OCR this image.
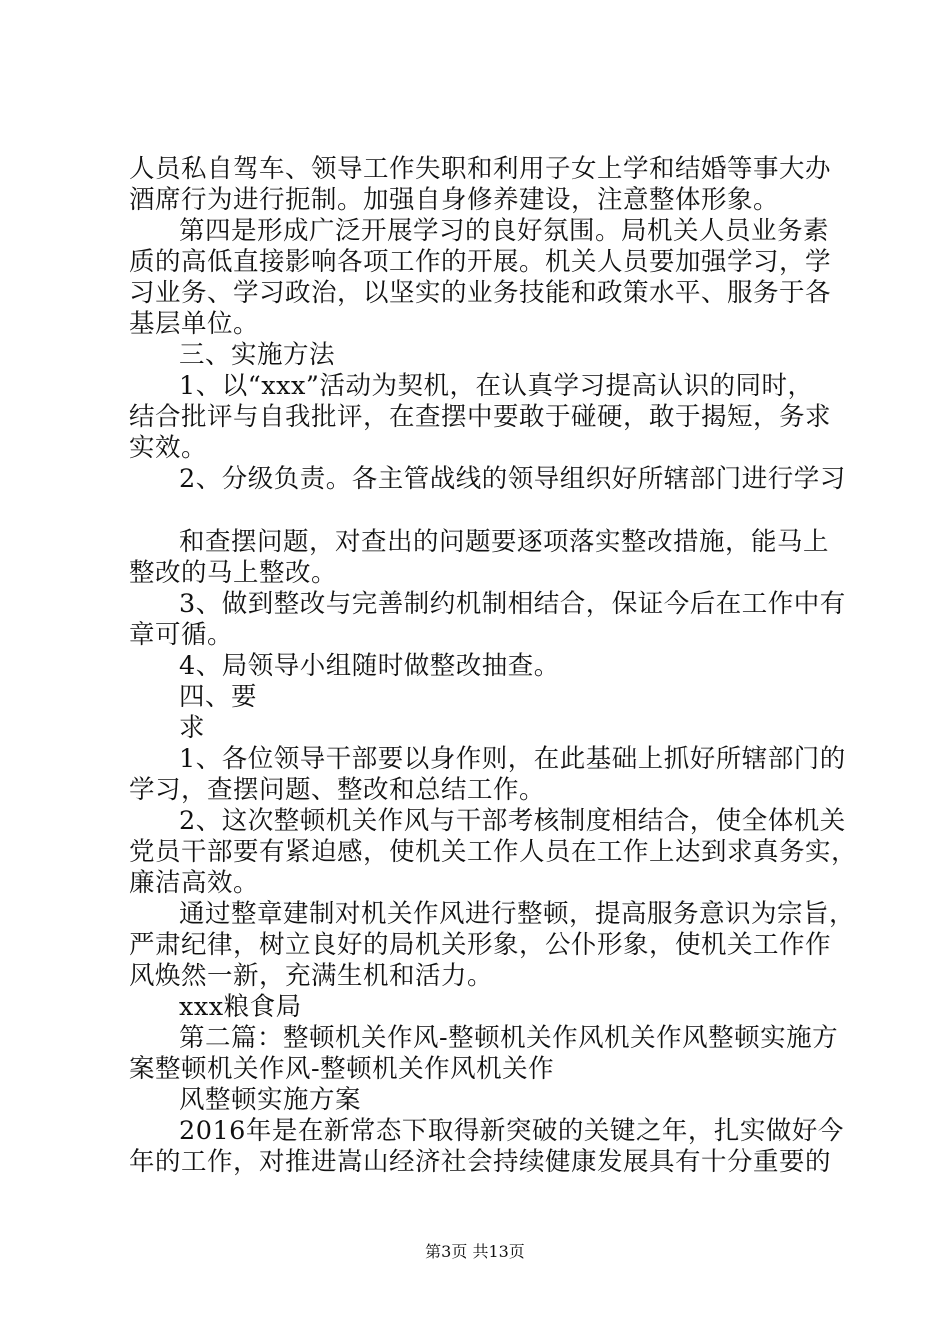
人员私自驾车、领导工作失职和利用子女上学和结婚等事大办
酒席行为进行扼制。加强自身修养建设，注意整体形象。
第四是形成广泛开展学习的良好氛围。局机关人员业务素
质的高低直接影响各项工作的开展。机关人员要加强学习，学
习业务、学习政治，以坚实的业务技能和政策水平、服务于各
基层单位。
三、实施方法
1、以“xxx”活动为契机，在认真学习提高认识的同时，
结合批评与自我批评，在查摆中要敢于碰硬，敢于揭短，务求
实效。
2、分级负责。各主管战线的领导组织好所辖部门进行学习
和查摆问题，对查出的问题要逐项落实整改措施，能马上
整改的马上整改。
3、做到整改与完善制约机制相结合，保证今后在工作中有
章可循。
4、局领导小组随时做整改抽查。
四、要
求
1、各位领导干部要以身作则，在此基础上抓好所辖部门的
学习，查摆问题、整改和总结工作。
2、这次整顿机关作风与干部考核制度相结合，使全体机关
党员干部要有紧迫感，使机关工作人员在工作上达到求真务实，
廉洁高效。
通过整章建制对机关作风进行整顿，提高服务意识为宗旨，
严肃纪律，树立良好的局机关形象，公仆形象，使机关工作作
风焕然一新，充满生机和活力。
xxx粮食局
第二篇：整顿机关作风-整顿机关作风机关作风整顿实施方
案整顿机关作风-整顿机关作风机关作
风整顿实施方案
2016年是在新常态下取得新突破的关键之年，扎实做好今
年的工作，对推进嵩山经济社会持续健康发展具有十分重要的
第3页 共13页
